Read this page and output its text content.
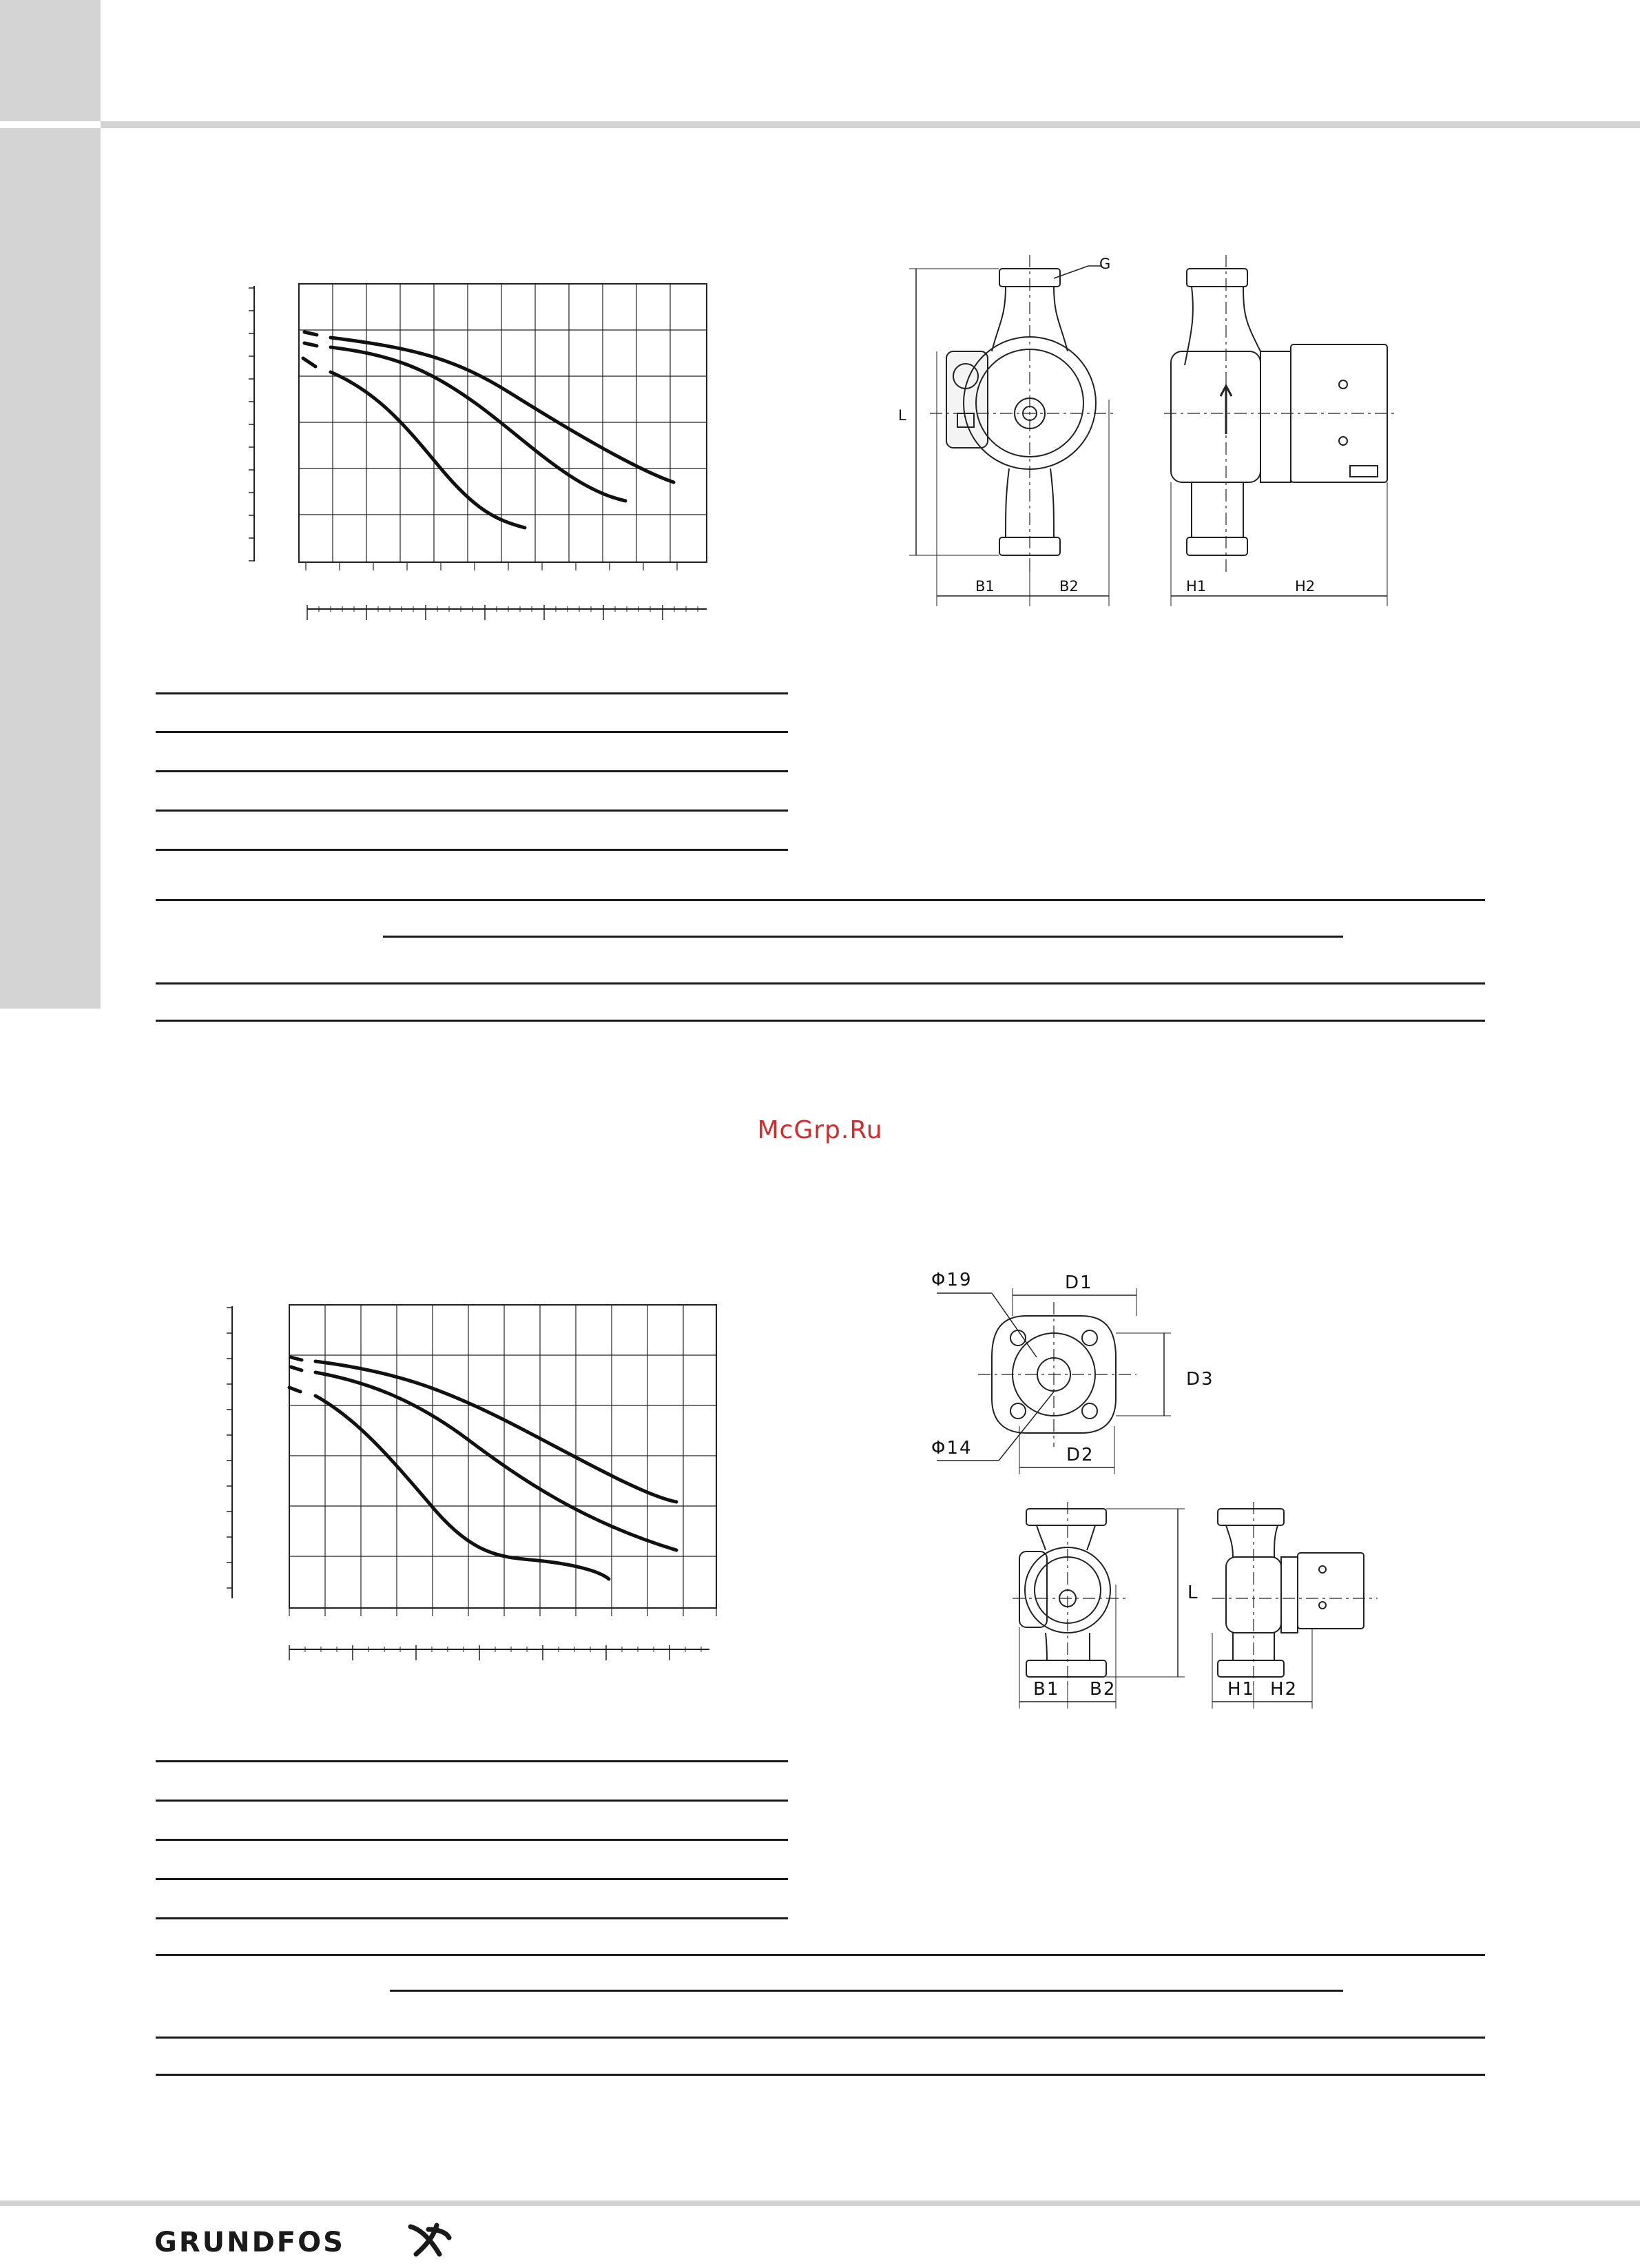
G
L
B1	B2	H1	H2
McGrp.Ru
Φ19
Φ14
D1
D2
D3
L
B1 B2	H1 H2
GRUNDFOS
